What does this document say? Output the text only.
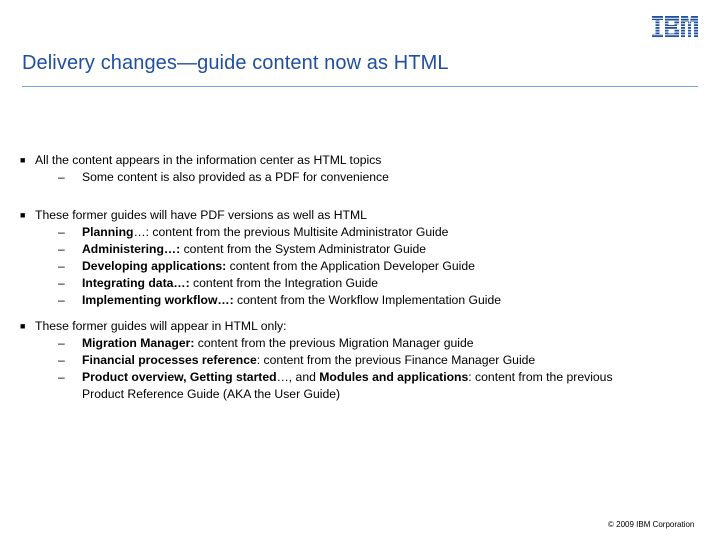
Delivery changes—guide content now as HTML
■ All the content appears in the information center as HTML topics
– Some content is also provided as a PDF for convenience
■ These former guides will have PDF versions as well as HTML
– Planning…: content from the previous Multisite Administrator Guide
– Administering…: content from the System Administrator Guide
– Developing applications: content from the Application Developer Guide
– Integrating data…: content from the Integration Guide
– Implementing workflow…: content from the Workflow Implementation Guide
■ These former guides will appear in HTML only:
– Migration Manager: content from the previous Migration Manager guide
– Financial processes reference: content from the previous Finance Manager Guide
– Product overview, Getting started…, and Modules and applications: content from the previous
Product Reference Guide (AKA the User Guide)
© 2009 IBM Corporation
